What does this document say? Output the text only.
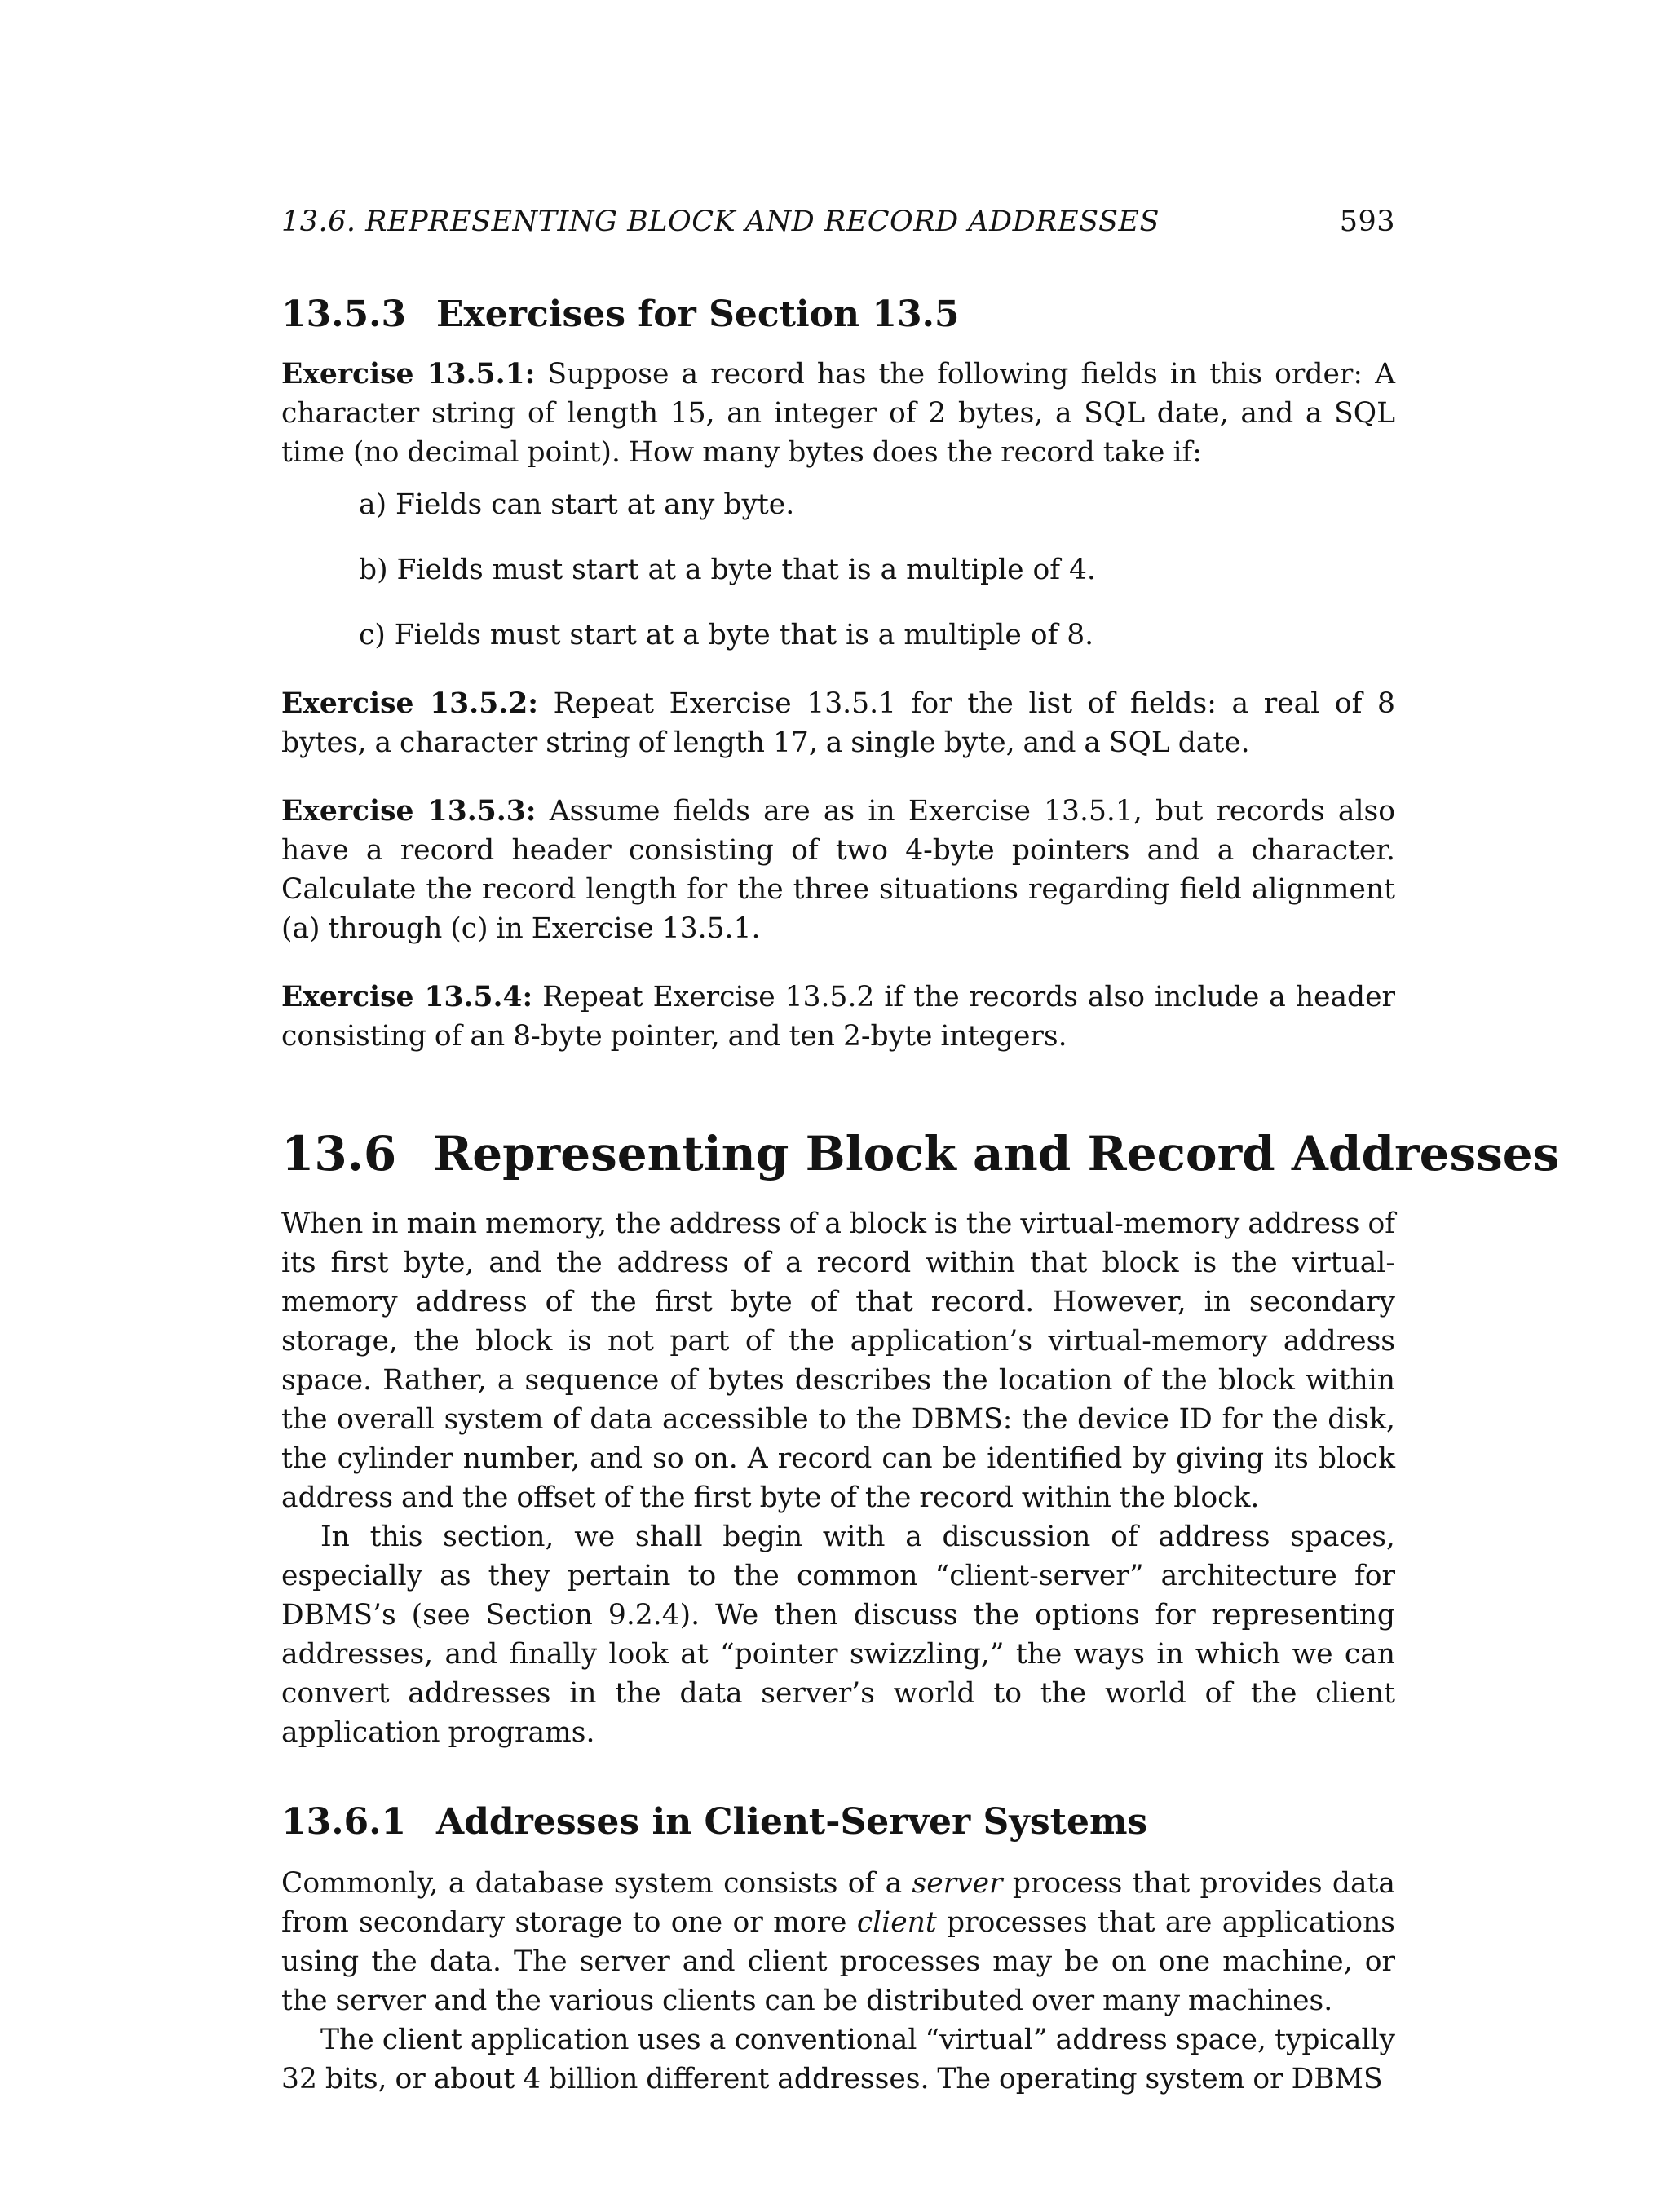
13.6. REPRESENTING BLOCK AND RECORD ADDRESSES	593
13.5.3 Exercises for Section 13.5

Exercise 13.5.1: Suppose a record has the following fields in this order: A character string of length 15, an integer of 2 bytes, a SQL date, and a SQL time (no decimal point). How many bytes does the record take if:

a) Fields can start at any byte.
b) Fields must start at a byte that is a multiple of 4.
c) Fields must start at a byte that is a multiple of 8.

Exercise 13.5.2: Repeat Exercise 13.5.1 for the list of fields: a real of 8 bytes, a character string of length 17, a single byte, and a SQL date.

Exercise 13.5.3: Assume fields are as in Exercise 13.5.1, but records also have a record header consisting of two 4-byte pointers and a character. Calculate the record length for the three situations regarding field alignment (a) through (c) in Exercise 13.5.1.

Exercise 13.5.4: Repeat Exercise 13.5.2 if the records also include a header consisting of an 8-byte pointer, and ten 2-byte integers.

13.6 Representing Block and Record Addresses

When in main memory, the address of a block is the virtual-memory address of its first byte, and the address of a record within that block is the virtual-memory address of the first byte of that record. However, in secondary storage, the block is not part of the application’s virtual-memory address space. Rather, a sequence of bytes describes the location of the block within the overall system of data accessible to the DBMS: the device ID for the disk, the cylinder number, and so on. A record can be identified by giving its block address and the offset of the first byte of the record within the block.

In this section, we shall begin with a discussion of address spaces, especially as they pertain to the common “client-server” architecture for DBMS’s (see Section 9.2.4). We then discuss the options for representing addresses, and finally look at “pointer swizzling,” the ways in which we can convert addresses in the data server’s world to the world of the client application programs.

13.6.1 Addresses in Client-Server Systems

Commonly, a database system consists of a server process that provides data from secondary storage to one or more client processes that are applications using the data. The server and client processes may be on one machine, or the server and the various clients can be distributed over many machines.

The client application uses a conventional “virtual” address space, typically 32 bits, or about 4 billion different addresses. The operating system or DBMS
